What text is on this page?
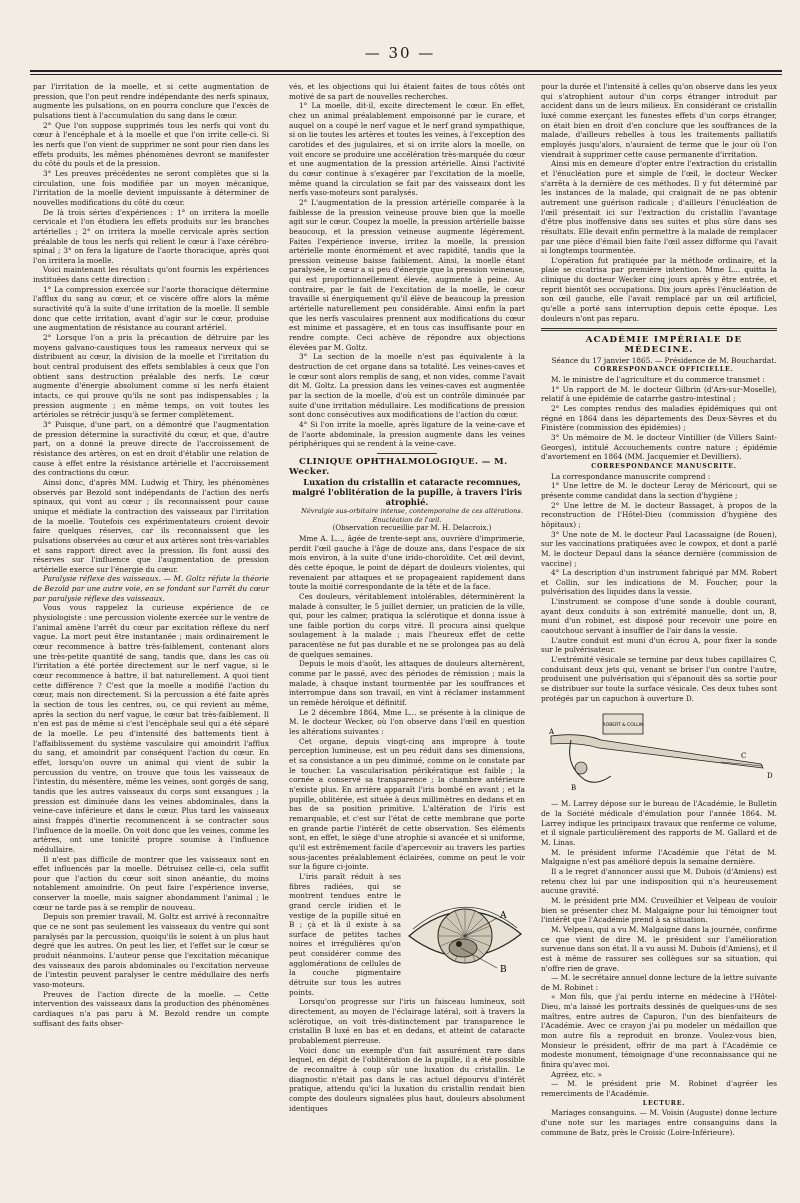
— 30 —

par l'irritation de la moelle, et si cette augmentation de pression, que l'on peut rendre indépendante des nerfs spinaux, augmente les pulsations, on en pourra conclure que l'excès de pulsations tient à l'accumulation du sang dans le cœur.

2° Que l'on suppose supprimés tous les nerfs qui vont du cœur à l'encéphale et à la moelle et que l'on irrite celle-ci. Si les nerfs que l'on vient de supprimer ne sont pour rien dans les effets produits, les mêmes phénomènes devront se manifester du côté du pouls et de la pression.

3° Les preuves précédentes ne seront complètes que si la circulation, une fois modifiée par un moyen mécanique, l'irritation de la moelle devient impuissante à déterminer de nouvelles modifications du côté du cœur.

De là trois séries d'expériences : 1° on irritera la moelle cervicale et l'on étudiera les effets produits sur les branches artérielles ; 2° on irritera la moelle cervicale après section préalable de tous les nerfs qui relient le cœur à l'axe cérébro-spinal ; 3° on fera la ligature de l'aorte thoracique, après quoi l'on irritera la moelle.

Voici maintenant les résultats qu'ont fournis les expériences instituées dans cette direction :

1° La compression exercée sur l'aorte thoracique détermine l'afflux du sang au cœur, et ce viscère offre alors la même suractivité qu'à la suite d'une irritation de la moelle. Il semble donc que cette irritation, avant d'agir sur le cœur, produise une augmentation de résistance au courant artériel.

2° Lorsque l'on a pris la précaution de détruire par les moyens galvano-caustiques tous les rameaux nerveux qui se distribuent au cœur, la division de la moelle et l'irritation du bout central produisent des effets semblables à ceux que l'on obtient sans destruction préalable des nerfs. Le cœur augmente d'énergie absolument comme si les nerfs étaient intacts, ce qui prouve qu'ils ne sont pas indispensables ; la pression augmente ; en même temps, on voit toutes les artérioles se rétrécir jusqu'à se fermer complètement.

3° Puisque, d'une part, on a démontré que l'augmentation de pression détermine la suractivité du cœur, et que, d'autre part, on a donné la preuve directe de l'accroissement de résistance des artères, on est en droit d'établir une relation de cause à effet entre la résistance artérielle et l'accroissement des contractions du cœur.

Ainsi donc, d'après MM. Ludwig et Thiry, les phénomènes observés par Bezold sont indépendants de l'action des nerfs spinaux, qui vont au cœur ; ils reconnaissent pour cause unique et médiate la contraction des vaisseaux par l'irritation de la moelle. Toutefois ces expérimentateurs croient devoir faire quelques réserves, car ils reconnaissent que les pulsations observées au cœur et aux artères sont très-variables et sans rapport direct avec la pression. Ils font aussi des réserves sur l'influence que l'augmentation de pression artérielle exerce sur l'énergie du cœur.

Paralysie réflexe des vaisseaux. — M. Goltz réfute la théorie de Bezold par une autre voie, en se fondant sur l'arrêt du cœur par paralysie réflexe des vaisseaux.

Vous vous rappelez la curieuse expérience de ce physiologiste : une percussion violente exercée sur le ventre de l'animal amène l'arrêt du cœur par excitation réflexe du nerf vague. La mort peut être instantanée ; mais ordinairement le cœur recommence à battre très-faiblement, contenant alors une très-petite quantité de sang, tandis que, dans les cas où l'irritation a été portée directement sur le nerf vague, si le cœur recommence à battre, il bat naturellement. A quoi tient cette différence ? C'est que la moelle a modifié l'action du cœur, mais non directement. Si la percussion a été faite après la section de tous les centres, ou, ce qui revient au même, après la section du nerf vague, le cœur bat très-faiblement. Il n'en est pas de même si c'est l'encéphale seul qui a été séparé de la moelle. Le peu d'intensité des battements tient à l'affaiblissement du système vasculaire qui amoindrit l'afflux du sang, et amoindrit par conséquent l'action du cœur. En effet, lorsqu'on ouvre un animal qui vient de subir la percussion du ventre, on trouve que tous les vaisseaux de l'intestin, du mésentère, même les veines, sont gorgés de sang, tandis que les autres vaisseaux du corps sont exsangues ; la pression est diminuée dans les veines abdominales, dans la veine-cave inférieure et dans le cœur. Plus tard les vaisseaux ainsi frappés d'inertie recommencent à se contracter sous l'influence de la moelle. On voit donc que les veines, comme les artères, ont une tonicité propre soumise à l'influence médullaire.

Il n'est pas difficile de montrer que les vaisseaux sont en effet influencés par la moelle. Détruisez celle-ci, cela suffit pour que l'action du cœur soit sinon anéantie, du moins notablement amoindrie. On peut faire l'expérience inverse, conserver la moelle, mais saigner abondamment l'animal ; le cœur ne tarde pas à se remplir de nouveau.

Depuis son premier travail, M. Goltz est arrivé à reconnaître que ce ne sont pas seulement les vaisseaux du ventre qui sont paralysés par la percussion, quoiqu'ils le soient à un plus haut degré que les autres. On peut les lier, et l'effet sur le cœur se produit néanmoins. L'auteur pense que l'excitation mécanique des vaisseaux des parois abdominales ou l'excitation nerveuse de l'intestin peuvent paralyser le centre médullaire des nerfs vaso-moteurs.

Preuves de l'action directe de la moelle. — Cette intervention des vaisseaux dans la production des phénomènes cardiaques n'a pas paru à M. Bezold rendre un compte suffisant des faits obser-

vés, et les objections qui lui étaient faites de tous côtés ont motivé de sa part de nouvelles recherches.

1° La moelle, dit-il, excite directement le cœur. En effet, chez un animal préalablement empoisonné par le curare, et auquel on a coupé le nerf vague et le nerf grand sympathique, si on lie toutes les artères et toutes les veines, à l'exception des carotides et des jugulaires, et si on irrite alors la moelle, on voit encore se produire une accélération très-marquée du cœur et une augmentation de la pression artérielle. Ainsi l'activité du cœur continue à s'exagérer par l'excitation de la moelle, même quand la circulation se fait par des vaisseaux dont les nerfs vaso-moteurs sont paralysés.

2° L'augmentation de la pression artérielle comparée à la faiblesse de la pression veineuse prouve bien que la moelle agit sur le cœur. Coupez la moelle, la pression artérielle baisse beaucoup, et la pression veineuse augmente légèrement. Faites l'expérience inverse, irritez la moelle, la pression artérielle monte énormément et avec rapidité, tandis que la pression veineuse baisse faiblement. Ainsi, la moelle étant paralysée, le cœur a si peu d'énergie que la pression veineuse, qui est proportionnellement élevée, augmente à peine. Au contraire, par le fait de l'excitation de la moelle, le cœur travaille si énergiquement qu'il élève de beaucoup la pression artérielle naturellement peu considérable. Ainsi enfin la part que les nerfs vasculaires prennent aux modifications du cœur est minime et passagère, et en tous cas insuffisante pour en rendre compte. Ceci achève de répondre aux objections élevées par M. Goltz.

3° La section de la moelle n'est pas équivalente à la destruction de cet organe dans sa totalité. Les veines-caves et le cœur sont alors remplis de sang, et non vides, comme l'avait dit M. Goltz. La pression dans les veines-caves est augmentée par la section de la moelle, d'où est un contrôle diminuée par suite d'une irritation médullaire. Les modifications de pression sont donc consécutives aux modifications de l'action du cœur.

4° Si l'on irrite la moelle, après ligature de la veine-cave et de l'aorte abdominale, la pression augmente dans les veines périphériques qui se rendent à la veine-cave.

CLINIQUE OPHTHALMOLOGIQUE. — M. Wecker.

Luxation du cristallin et cataracte recomnues, malgré l'oblitération de la pupille, à travers l'iris atrophié.

Névralgie sus-orbitaire intense, contemporaine de ces altérations. Enucléation de l'œil.

(Observation recueillie par M. H. Delacroix.)

Mme A. L..., âgée de trente-sept ans, ouvrière d'imprimerie, perdit l'œil gauche à l'âge de douze ans, dans l'espace de six mois environ, à la suite d'une irido-choroïdite. Cet œil devint, dès cette époque, le point de départ de douleurs violentes, qui revenaient par attaques et se propageaient rapidement dans toute la moitié correspondante de la tête et de la face.

Ces douleurs, véritablement intolérables, déterminèrent la malade à consulter, le 5 juillet dernier, un praticien de la ville, qui, pour les calmer, pratiqua la sclérotique et donna issue à une faible portion du corps vitré. Il procura ainsi quelque soulagement à la malade ; mais l'heureux effet de cette paracentèse ne fut pas durable et ne se prolongea pas au delà de quelques semaines.

Depuis le mois d'août, les attaques de douleurs alternèrent, comme par le passé, avec des périodes de rémission ; mais la malade, à chaque instant tourmentée par les souffrances et interrompue dans son travail, en vint à réclamer instamment un remède héroïque et définitif.

Le 2 décembre 1864, Mme L... se présente à la clinique de M. le docteur Wecker, où l'on observe dans l'œil en question les altérations suivantes :

Cet organe, depuis vingt-cinq ans impropre à toute perception lumineuse, est un peu réduit dans ses dimensions, et sa consistance a un peu diminué, comme on le constate par le toucher. La vascularisation périkératique est faible ; la cornée a conservé sa transparence ; la chambre antérieure n'existe plus. En arrière apparaît l'iris bombé en avant ; et la pupille, oblitérée, est située à deux millimètres en dedans et en bas de sa position primitive. L'altération de l'iris est remarquable, et c'est sur l'état de cette membrane que porte en grande partie l'intérêt de cette observation. Ses éléments sont, en effet, le siège d'une atrophie si avancée et si uniforme, qu'il est extrêmement facile d'apercevoir au travers les parties sous-jacentes préalablement éclairées, comme on peut le voir sur la figure ci-jointe.

A
B

L'iris paraît réduit à ses fibres radiées, qui se montrent tendues entre le grand cercle iridien et le vestige de la pupille situé en B ; çà et là il existe à sa surface de petites taches noires et irrégulières qu'on peut considérer comme des agglomérations de cellules de la couche pigmentaire détruite sur tous les autres points.

Lorsqu'on progresse sur l'iris un faisceau lumineux, soit directement, au moyen de l'éclairage latéral, soit à travers la sclérotique, on voit très-distinctement par transparence le cristallin B luxé en bas et en dedans, et atteint de cataracte probablement pierreuse.

Voici donc un exemple d'un fait assurément rare dans lequel, en dépit de l'oblitération de la pupille, il a été possible de reconnaître à coup sûr une luxation du cristallin. Le diagnostic n'était pas dans le cas actuel dépourvu d'intérêt pratique, attendu qu'ici la luxation du cristallin rendait bien compte des douleurs signalées plus haut, douleurs absolument identiques

pour la durée et l'intensité à celles qu'on observe dans les yeux qui s'atrophient autour d'un corps étranger introduit par accident dans un de leurs milieux. En considérant ce cristallin luxé comme exerçant les funestes effets d'un corps étranger, on était bien en droit d'en conclure que les souffrances de la malade, d'ailleurs rebelles à tous les traitements palliatifs employés jusqu'alors, n'auraient de terme que le jour où l'on viendrait à supprimer cette cause permanente d'irritation.

Ainsi mis en demeure d'opter entre l'extraction du cristallin et l'énucléation pure et simple de l'œil, le docteur Wecker s'arrêta à la dernière de ces méthodes. Il y fut déterminé par les instances de la malade, qui craignait de ne pas obtenir autrement une guérison radicale ; d'ailleurs l'énucléation de l'œil présentait ici sur l'extraction du cristallin l'avantage d'être plus inoffensive dans ses suites et plus sûre dans ses résultats. Elle devait enfin permettre à la malade de remplacer par une pièce d'émail bien faite l'œil assez difforme qui l'avait si longtemps tourmentée.

L'opération fut pratiquée par la méthode ordinaire, et la plaie se cicatrisa par première intention. Mme L... quitta la clinique du docteur Wecker cinq jours après y être entrée, et reprit bientôt ses occupations. Dix jours après l'énucléation de son œil gauche, elle l'avait remplacé par un œil artificiel, qu'elle a porté sans interruption depuis cette époque. Les douleurs n'ont pas reparu.

ACADÉMIE IMPÉRIALE DE MÉDECINE.

Séance du 17 janvier 1865. — Présidence de M. Bouchardat.

CORRESPONDANCE OFFICIELLE.

M. le ministre de l'agriculture et du commerce transmet :

1° Un rapport de M. le docteur Gilbrin (d'Ars-sur-Moselle), relatif à une épidémie de catarrhe gastro-intestinal ;

2° Les comptes rendus des maladies épidémiques qui ont régné en 1864 dans les départements des Deux-Sèvres et du Finistère (commission des épidémies) ;

3° Un mémoire de M. le docteur Vintillier (de Villers Saint-Georges), intitulé Accouchements contre nature ; épidémie d'avortement en 1864 (MM. Jacquemier et Devilliers).

CORRESPONDANCE MANUSCRITE.

La correspondance manuscrite comprend :

1° Une lettre de M. le docteur Leroy de Méricourt, qui se présente comme candidat dans la section d'hygiène ;

2° Une lettre de M. le docteur Bassaget, à propos de la reconstruction de l'Hôtel-Dieu (commission d'hygiène des hôpitaux) ;

3° Une note de M. le docteur Paul Lacassaigne (de Rouen), sur les vaccinations pratiquées avec le cowpox, et dont a parlé M. le docteur Depaul dans la séance dernière (commission de vaccine) ;

4° La description d'un instrument fabriqué par MM. Robert et Collin, sur les indications de M. Foucher, pour la pulvérisation des liquides dans la vessie.

L'instrument se compose d'une sonde à double courant, ayant deux conduits à son extrémité manuelle, dont un, B, muni d'un robinet, est disposé pour recevoir une poire en caoutchouc servant à insuffler de l'air dans la vessie.

L'autre conduit est muni d'un écrou A, pour fixer la sonde sur le pulvérisateur.

L'extrémité vésicale se termine par deux tubes capillaires C, conduisant deux jets qui, venant se briser l'un contre l'autre, produisent une pulvérisation qui s'épanouit dès sa sortie pour se distribuer sur toute la surface vésicale. Ces deux tubes sont protégés par un capuchon à ouverture D.

ROBERT & COLLIN
A
B
C
D

— M. Larrey dépose sur le bureau de l'Académie, le Bulletin de la Société médicale d'émulation pour l'année 1864. M. Larrey indique les principaux travaux que renferme ce volume, et il signale particulièrement des rapports de M. Gallard et de M. Linas.

M. le président informe l'Académie que l'état de M. Malgaigne n'est pas amélioré depuis la semaine dernière.

Il a le regret d'annoncer aussi que M. Dubois (d'Amiens) est retenu chez lui par une indisposition qui n'a heureusement aucune gravité.

M. le président prie MM. Cruveilhier et Velpeau de vouloir bien se présenter chez M. Malgaigne pour lui témoigner tout l'intérêt que l'Académie prend à sa situation.

M. Velpeau, qui a vu M. Malgaigne dans la journée, confirme ce que vient de dire M. le président sur l'amélioration survenue dans son état. Il a vu aussi M. Dubois (d'Amiens), et il est à même de rassurer ses collègues sur sa situation, qui n'offre rien de grave.

— M. le secrétaire annuel donne lecture de la lettre suivante de M. Robinet :

« Mon fils, que j'ai perdu interne en médecine à l'Hôtel-Dieu, m'a laissé les portraits dessinés de quelques-uns de ses maîtres, entre autres de Capuron, l'un des bienfaiteurs de l'Académie. Avec ce crayon j'ai pu modeler un médaillon que mon autre fils a reproduit en bronze. Voulez-vous bien, Monsieur le président, offrir de ma part à l'Académie ce modeste monument, témoignage d'une reconnaissance qui ne finira qu'avec moi.

Agréez, etc. »

— M. le président prie M. Robinet d'agréer les remerciments de l'Académie.

LECTURE.

Mariages consanguins. — M. Voisin (Auguste) donne lecture d'une note sur les mariages entre consanguins dans la commune de Batz, près le Croisic (Loire-Inférieure).
